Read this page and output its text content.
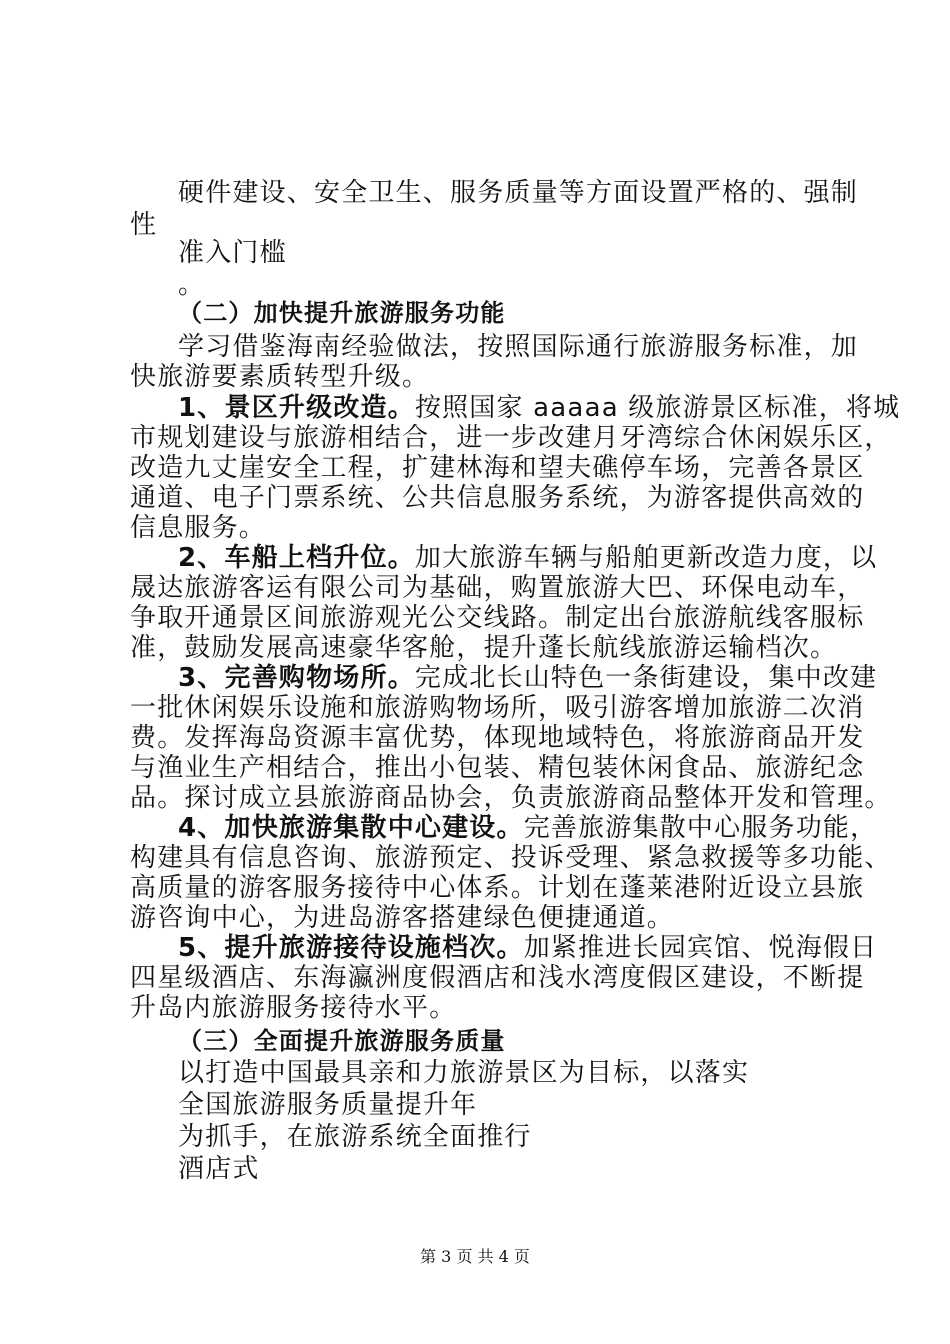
硬件建设、安全卫生、服务质量等方面设置严格的、强制
性
准入门槛
。
（二）加快提升旅游服务功能
学习借鉴海南经验做法，按照国际通行旅游服务标准，加
快旅游要素质转型升级。
1、景区升级改造。按照国家 aaaaa 级旅游景区标准，将城
市规划建设与旅游相结合，进一步改建月牙湾综合休闲娱乐区，
改造九丈崖安全工程，扩建林海和望夫礁停车场，完善各景区
通道、电子门票系统、公共信息服务系统，为游客提供高效的
信息服务。
2、车船上档升位。加大旅游车辆与船舶更新改造力度，以
晟达旅游客运有限公司为基础，购置旅游大巴、环保电动车，
争取开通景区间旅游观光公交线路。制定出台旅游航线客服标
准，鼓励发展高速豪华客舱，提升蓬长航线旅游运输档次。
3、完善购物场所。完成北长山特色一条街建设，集中改建
一批休闲娱乐设施和旅游购物场所，吸引游客增加旅游二次消
费。发挥海岛资源丰富优势，体现地域特色，将旅游商品开发
与渔业生产相结合，推出小包装、精包装休闲食品、旅游纪念
品。探讨成立县旅游商品协会，负责旅游商品整体开发和管理。
4、加快旅游集散中心建设。完善旅游集散中心服务功能，
构建具有信息咨询、旅游预定、投诉受理、紧急救援等多功能、
高质量的游客服务接待中心体系。计划在蓬莱港附近设立县旅
游咨询中心，为进岛游客搭建绿色便捷通道。
5、提升旅游接待设施档次。加紧推进长园宾馆、悦海假日
四星级酒店、东海瀛洲度假酒店和浅水湾度假区建设，不断提
升岛内旅游服务接待水平。
（三）全面提升旅游服务质量
以打造中国最具亲和力旅游景区为目标，以落实
全国旅游服务质量提升年
为抓手，在旅游系统全面推行
酒店式
第 3 页 共 4 页
